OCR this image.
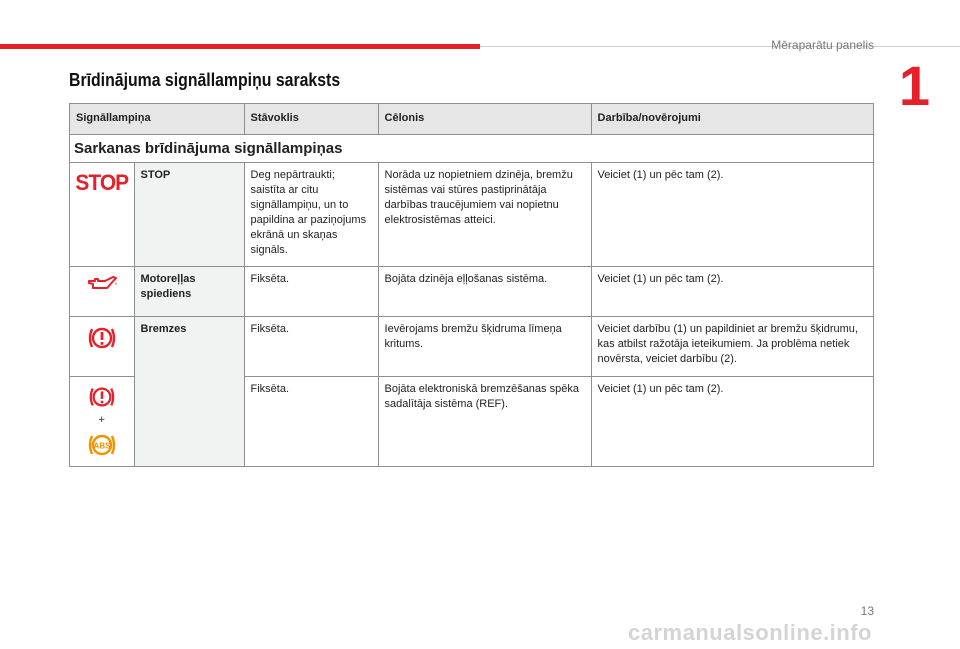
Mēraparātu panelis
1
Brīdinājuma signāllampiņu saraksts
Signāllampiņa		Stāvoklis	Cēlonis	Darbība/novērojumi
Sarkanas brīdinājuma signāllampiņas				
STOP	STOP	Deg nepārtraukti; saistīta ar citu signāllampiņu, un to papildina ar paziņojums ekrānā un skaņas signāls.	Norāda uz nopietniem dzinēja, bremžu sistēmas vai stūres pastiprinātāja darbības traucējumiem vai nopietnu elektrosistēmas atteici.	Veiciet (1) un pēc tam (2).
	Motoreļļas spiediens	Fiksēta.	Bojāta dzinēja eļļošanas sistēma.	Veiciet (1) un pēc tam (2).
	Bremzes	Fiksēta.	Ievērojams bremžu šķidruma līmeņa kritums.	Veiciet darbību (1) un papildiniet ar bremžu šķidrumu, kas atbilst ražotāja ieteikumiem. Ja problēma netiek novērsta, veiciet darbību (2).

+
ABS		Fiksēta.	Bojāta elektroniskā bremzēšanas spēka sadalītāja sistēma (REF).	Veiciet (1) un pēc tam (2).
13
carmanualsonline.info
